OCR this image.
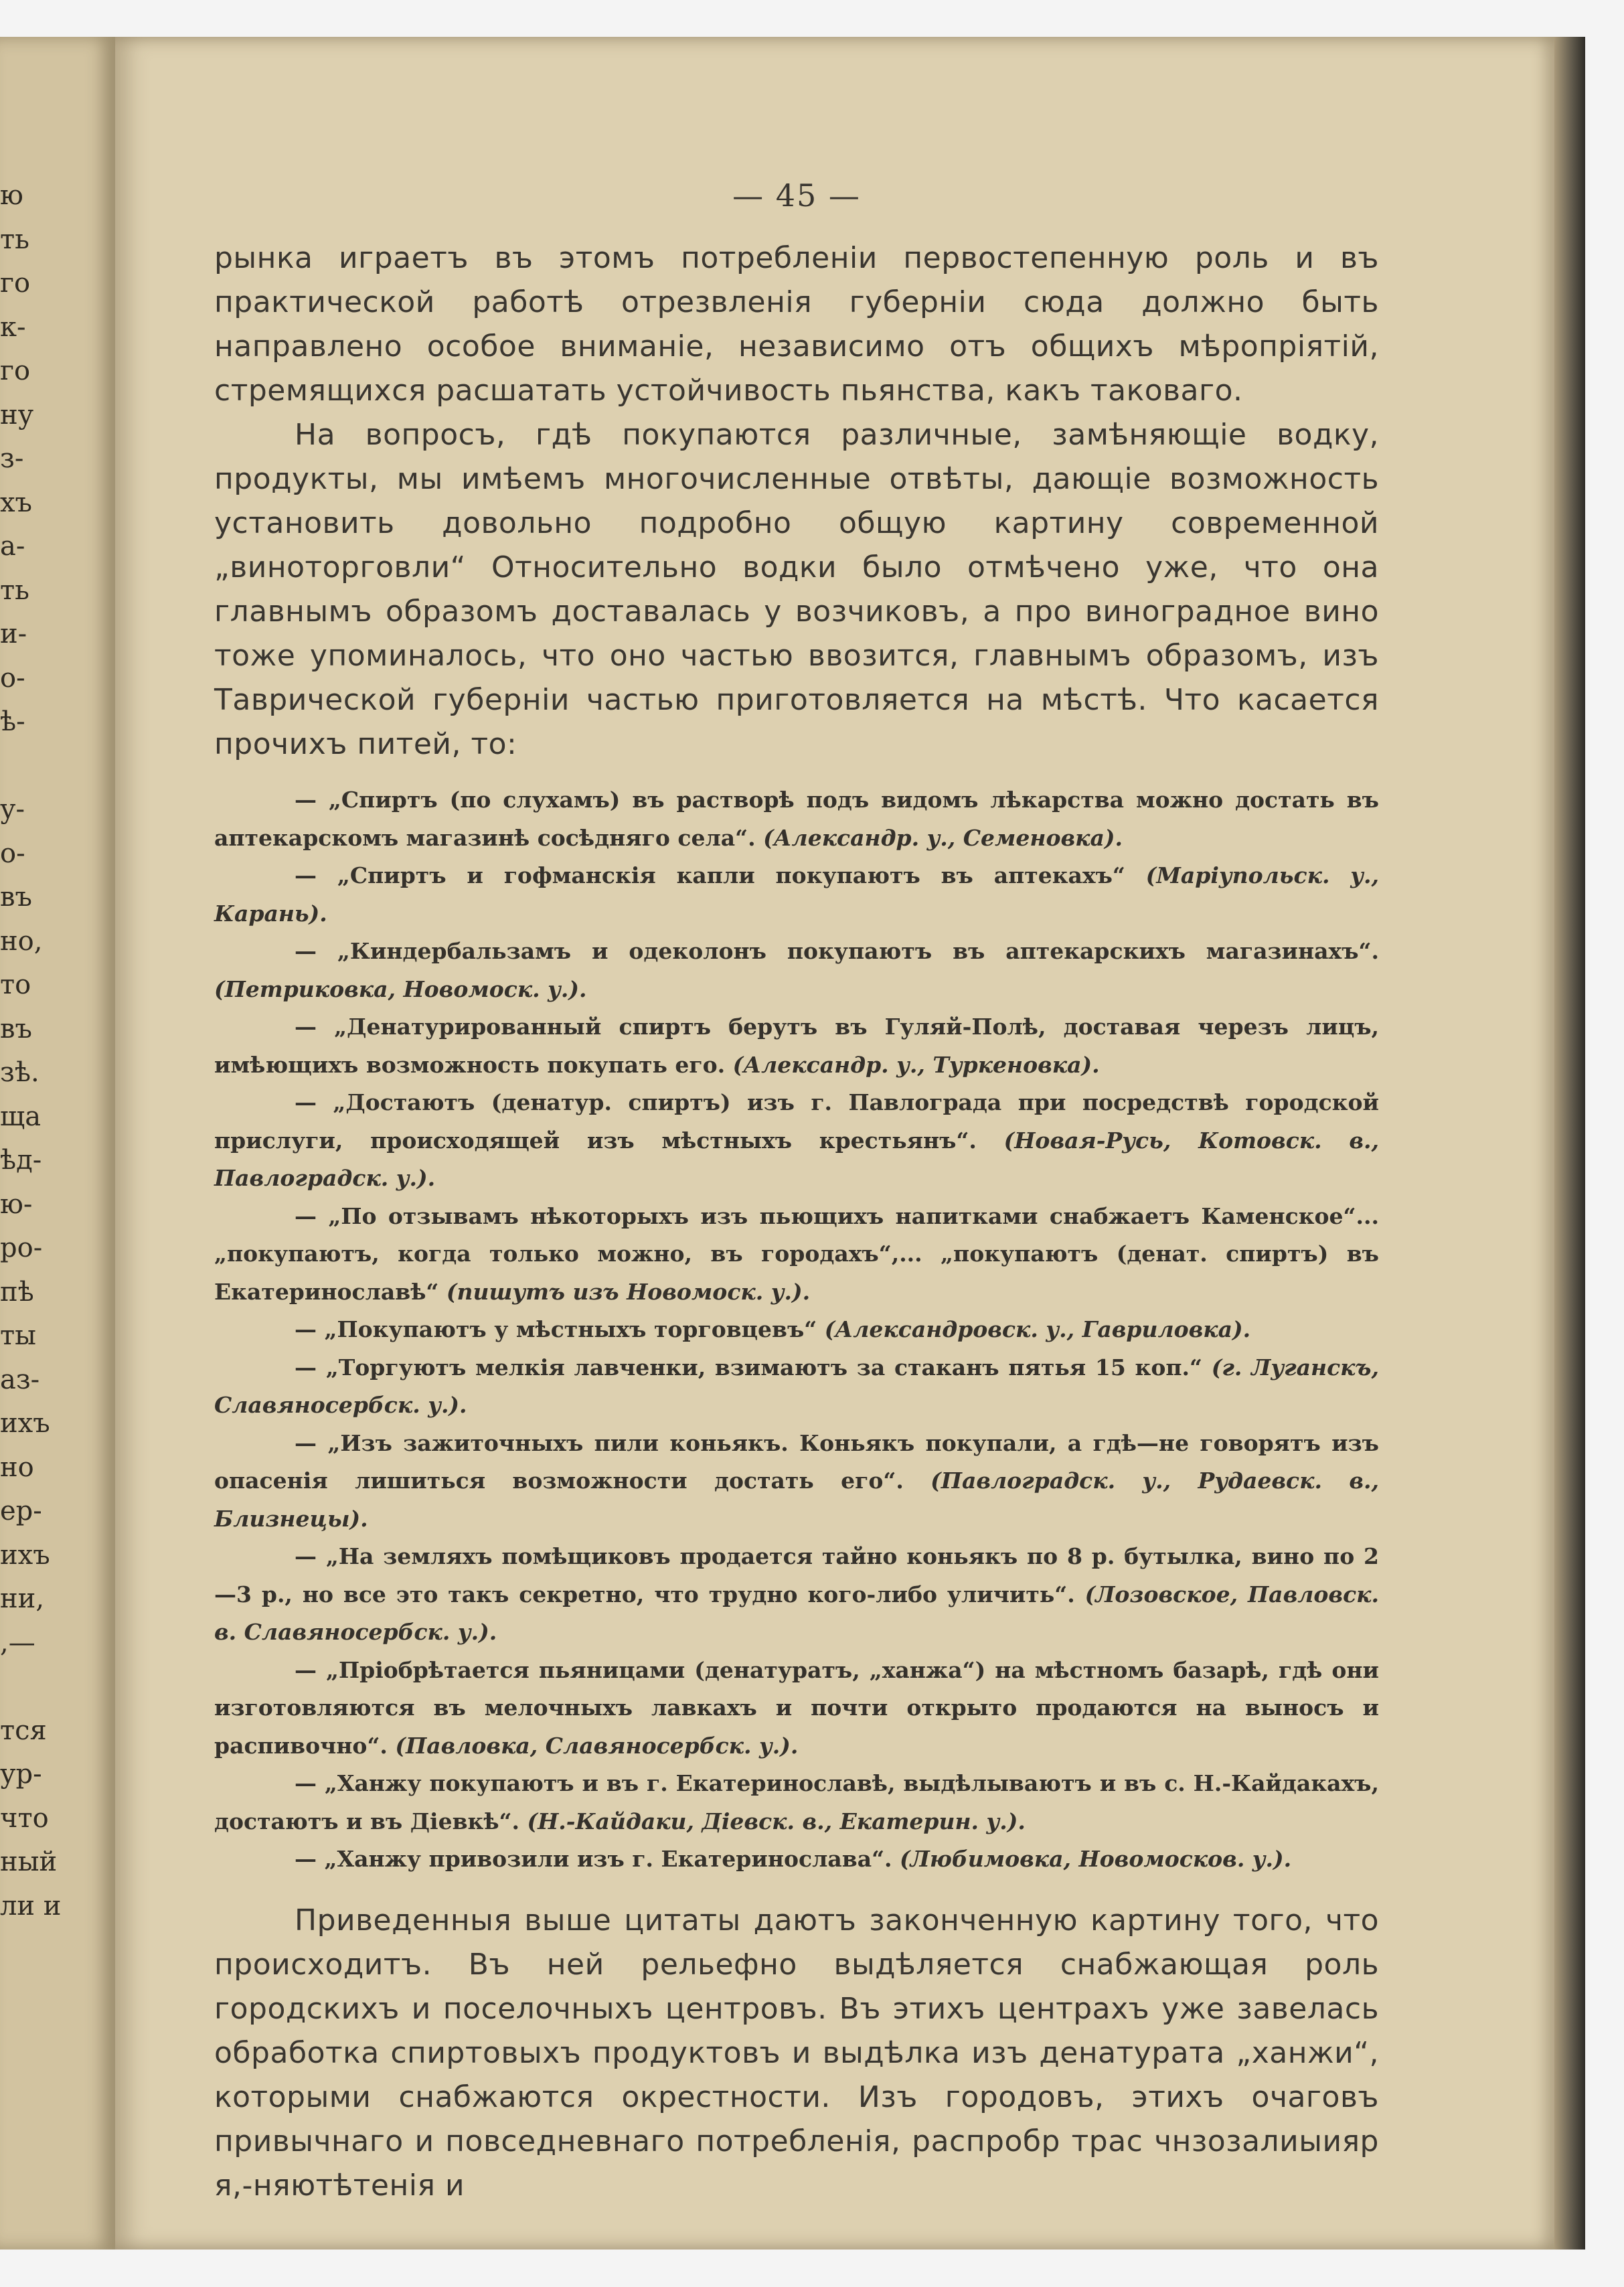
ю
ть
го
к-
го
ну
з-
хъ
а-
ть
и-
о-
ѣ-

у-
о-
въ
но,
то
въ
зѣ.
ща
ѣд-
ю-
ро-
пѣ
ты
аз-
ихъ
но
ер-
ихъ
ни,
,—

тся
ур-
что
ный
ли и
— 45 —

рынка играетъ въ этомъ потребленіи первостепенную роль и въ практической работѣ отрезвленія губерніи сюда должно быть направлено особое вниманіе, независимо отъ общихъ мѣропріятій, стремящихся расшатать устойчивость пьянства, какъ таковаго.

На вопросъ, гдѣ покупаются различные, замѣняющіе водку, продукты, мы имѣемъ многочисленные отвѣты, дающіе возможность установить довольно подробно общую картину современной „виноторговли“ Относительно водки было отмѣчено уже, что она главнымъ образомъ доставалась у возчиковъ, а про виноградное вино тоже упоминалось, что оно частью ввозится, главнымъ образомъ, изъ Таврической губерніи частью приготовляется на мѣстѣ. Что касается прочихъ питей, то:

— „Спиртъ (по слухамъ) въ растворѣ подъ видомъ лѣкарства можно достать въ аптекарскомъ магазинѣ сосѣдняго села“. (Александр. у., Семеновка).

— „Спиртъ и гофманскія капли покупаютъ въ аптекахъ“ (Маріупольск. у., Карань).

— „Киндербальзамъ и одеколонъ покупаютъ въ аптекарскихъ магазинахъ“. (Петриковка, Новомоск. у.).

— „Денатурированный спиртъ берутъ въ Гуляй-Полѣ, доставая черезъ лицъ, имѣющихъ возможность покупать его. (Александр. у., Туркеновка).

— „Достаютъ (денатур. спиртъ) изъ г. Павлограда при посредствѣ городской прислуги, происходящей изъ мѣстныхъ крестьянъ“. (Новая-Русь, Котовск. в., Павлоградск. у.).

— „По отзывамъ нѣкоторыхъ изъ пьющихъ напитками снабжаетъ Каменское“... „покупаютъ, когда только можно, въ городахъ“,... „покупаютъ (денат. спиртъ) въ Екатеринославѣ“ (пишутъ изъ Новомоск. у.).

— „Покупаютъ у мѣстныхъ торговцевъ“ (Александровск. у., Гавриловка).

— „Торгуютъ мелкія лавченки, взимаютъ за стаканъ пятья 15 коп.“ (г. Луганскъ, Славяносербск. у.).

— „Изъ зажиточныхъ пили коньякъ. Коньякъ покупали, а гдѣ—не говорятъ изъ опасенія лишиться возможности достать его“. (Павлоградск. у., Рудаевск. в., Близнецы).

— „На земляхъ помѣщиковъ продается тайно коньякъ по 8 р. бутылка, вино по 2—3 р., но все это такъ секретно, что трудно кого-либо уличить“. (Лозовское, Павловск. в. Славяносербск. у.).

— „Пріобрѣтается пьяницами (денатуратъ, „ханжа“) на мѣстномъ базарѣ, гдѣ они изготовляются въ мелочныхъ лавкахъ и почти открыто продаются на выносъ и распивочно“. (Павловка, Славяносербск. у.).

— „Ханжу покупаютъ и въ г. Екатеринославѣ, выдѣлываютъ и въ с. Н.-Кайдакахъ, достаютъ и въ Діевкѣ“. (Н.-Кайдаки, Діевск. в., Екатерин. у.).

— „Ханжу привозили изъ г. Екатеринослава“. (Любимовка, Новомосков. у.).

Приведенныя выше цитаты даютъ законченную картину того, что происходитъ. Въ ней рельефно выдѣляется снабжающая роль городскихъ и поселочныхъ центровъ. Въ этихъ центрахъ уже завелась обработка спиртовыхъ продуктовъ и выдѣлка изъ денатурата „ханжи“, которыми снабжаются окрестности. Изъ городовъ, этихъ очаговъ привычнаго и повседневнаго потребленія, распробр трас чнзозалиыияр я,-няютѣтенія и
